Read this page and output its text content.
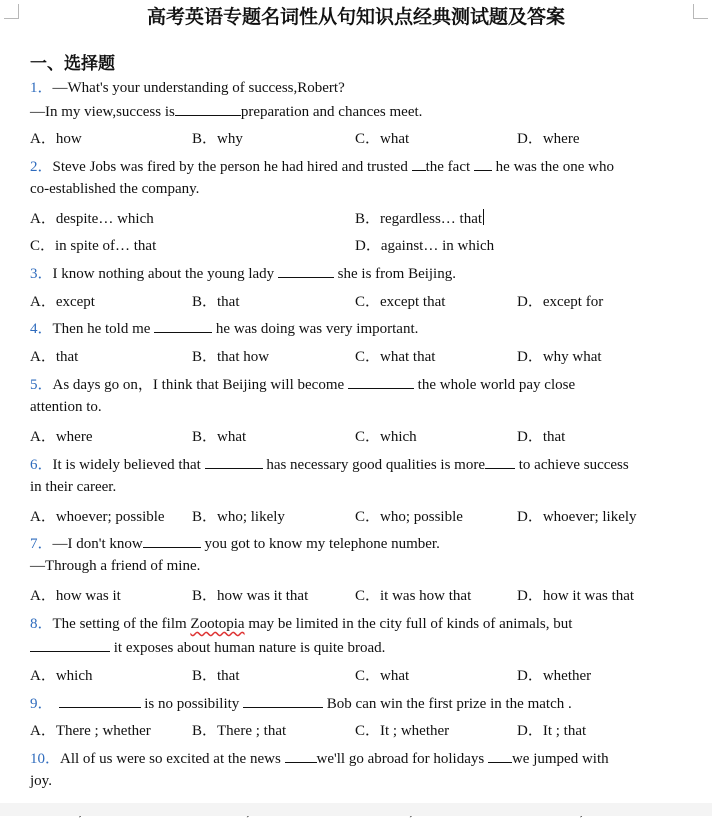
高考英语专题名词性从句知识点经典测试题及答案
一、选择题
1．—What's your understanding of success,Robert?
—In my view,success is	preparation and chances meet.
A．how	B．why	C．what	D．where
2．Steve Jobs was fired by the person he had hired and trusted the fact  he was the one who
co-established the company.
A．despite… which	B．regardless… that
C．in spite of… that	D．against… in which
3．I know nothing about the young lady	she is from Beijing.
A．except	B．that	C．except that	D．except for
4．Then he told me	he was doing was very important.
A．that	B．that how	C．what that	D．why what
5．As days go on，I think that Beijing will become	the whole world pay close
attention to.
A．where	B．what	C．which	D．that
6．It is widely believed that	has necessary good qualities is more to achieve success
in their career.
A．whoever; possible B．who; likely	C．who; possible	D．whoever; likely
7．—I don't know	you got to know my telephone number.
—Through a friend of mine.
A．how was it	B．how was it that	C．it was how that	D．how it was that
8．The setting of the film Zootopia may be limited in the city full of kinds of animals, but
it exposes about human nature is quite broad.
A．which	B．that	C．what	D．whether
9．	is no possibility	Bob can win the first prize in the match .
A．There ; whether	B．There ; that	C．It ; whether	D．It ; that
10．All of us were so excited at the news we'll go abroad for holidays we jumped with
joy.
